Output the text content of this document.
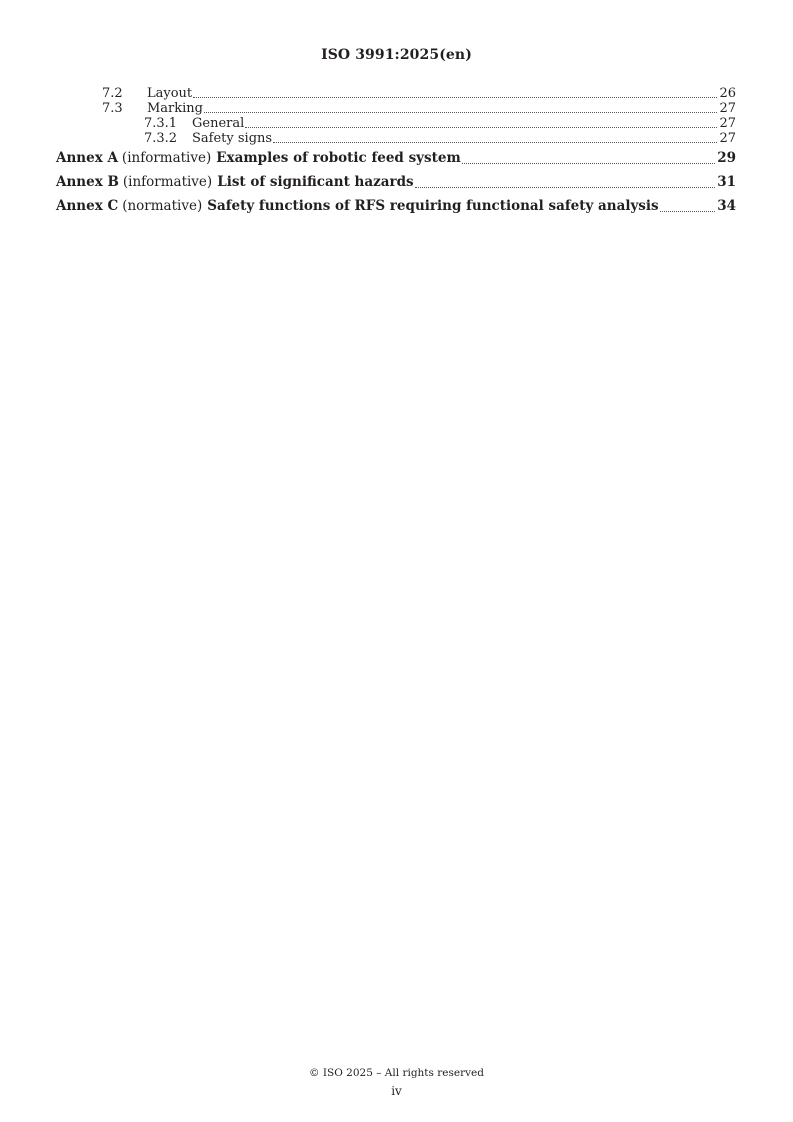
ISO 3991:2025(en)
7.2	Layout	26
7.3	Marking	27
7.3.1	General	27
7.3.2	Safety signs	27
Annex A (informative) Examples of robotic feed system	29
Annex B (informative) List of significant hazards	31
Annex C (normative) Safety functions of RFS requiring functional safety analysis	34
© ISO 2025 – All rights reserved
iv
